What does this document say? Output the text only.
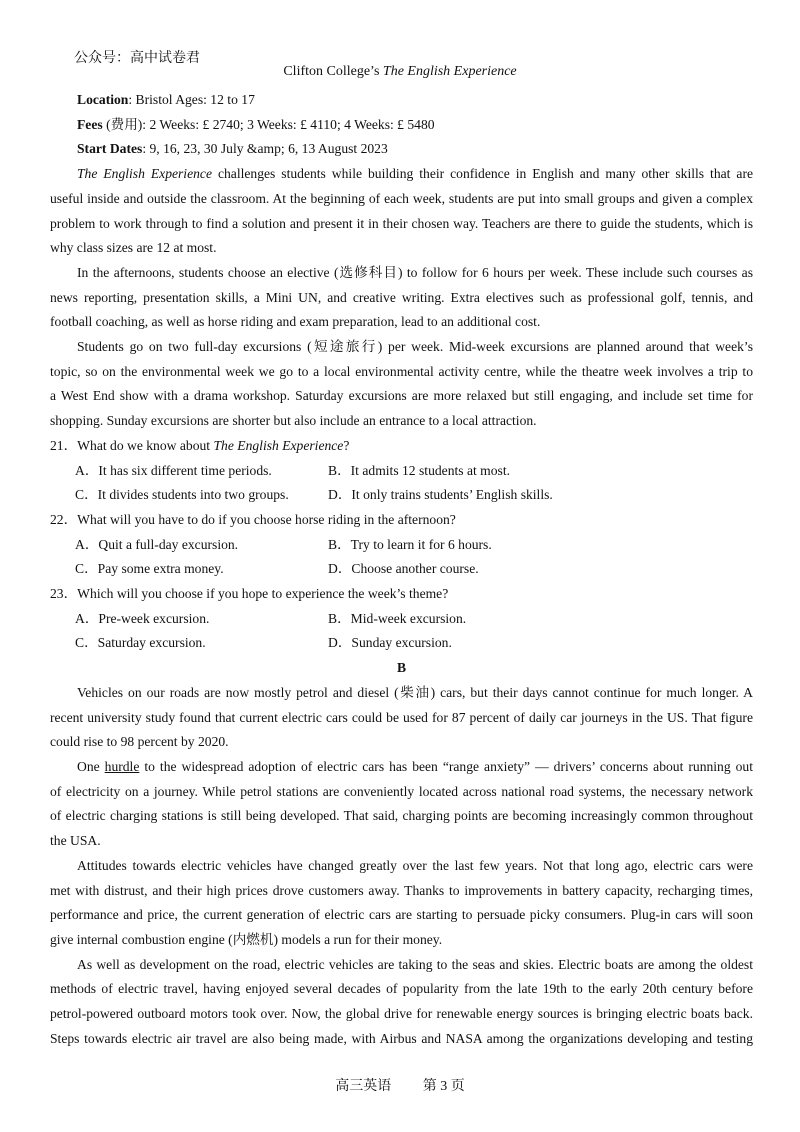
公众号：高中试卷君
Clifton College’s The English Experience
Location: Bristol Ages: 12 to 17
Fees (费用): 2 Weeks: £ 2740; 3 Weeks: £ 4110; 4 Weeks: £ 5480
Start Dates: 9, 16, 23, 30 July &amp; 6, 13 August 2023
The English Experience challenges students while building their confidence in English and many other skills that are
useful inside and outside the classroom. At the beginning of each week, students are put into small groups and given a complex
problem to work through to find a solution and present it in their chosen way. Teachers are there to guide the students, which is
why class sizes are 12 at most.
In the afternoons, students choose an elective (选修科目) to follow for 6 hours per week. These include such courses as
news reporting, presentation skills, a Mini UN, and creative writing. Extra electives such as professional golf, tennis, and
football coaching, as well as horse riding and exam preparation, lead to an additional cost.
Students go on two full-day excursions (短途旅行) per week. Mid-week excursions are planned around that week’s
topic, so on the environmental week we go to a local environmental activity centre, while the theatre week involves a trip to
a West End show with a drama workshop. Saturday excursions are more relaxed but still engaging, and include set time for
shopping. Sunday excursions are shorter but also include an entrance to a local attraction.
21．What do we know about The English Experience?
A．It has six different time periods.	B．It admits 12 students at most.
C．It divides students into two groups.	D．It only trains students’ English skills.
22．What will you have to do if you choose horse riding in the afternoon?
A．Quit a full-day excursion.	B．Try to learn it for 6 hours.
C．Pay some extra money.	D．Choose another course.
23．Which will you choose if you hope to experience the week’s theme?
A．Pre-week excursion.	B．Mid-week excursion.
C．Saturday excursion.	D．Sunday excursion.
B
Vehicles on our roads are now mostly petrol and diesel (柴油) cars, but their days cannot continue for much longer. A
recent university study found that current electric cars could be used for 87 percent of daily car journeys in the US. That figure
could rise to 98 percent by 2020.
One hurdle to the widespread adoption of electric cars has been “range anxiety” — drivers’ concerns about running out
of electricity on a journey. While petrol stations are conveniently located across national road systems, the necessary network
of electric charging stations is still being developed. That said, charging points are becoming increasingly common throughout
the USA.
Attitudes towards electric vehicles have changed greatly over the last few years. Not that long ago, electric cars were
met with distrust, and their high prices drove customers away. Thanks to improvements in battery capacity, recharging times,
performance and price, the current generation of electric cars are starting to persuade picky consumers. Plug-in cars will soon
give internal combustion engine (内燃机) models a run for their money.
As well as development on the road, electric vehicles are taking to the seas and skies. Electric boats are among the oldest
methods of electric travel, having enjoyed several decades of popularity from the late 19th to the early 20th century before
petrol-powered outboard motors took over. Now, the global drive for renewable energy sources is bringing electric boats back.
Steps towards electric air travel are also being made, with Airbus and NASA among the organizations developing and testing
高三英语 第 3 页
